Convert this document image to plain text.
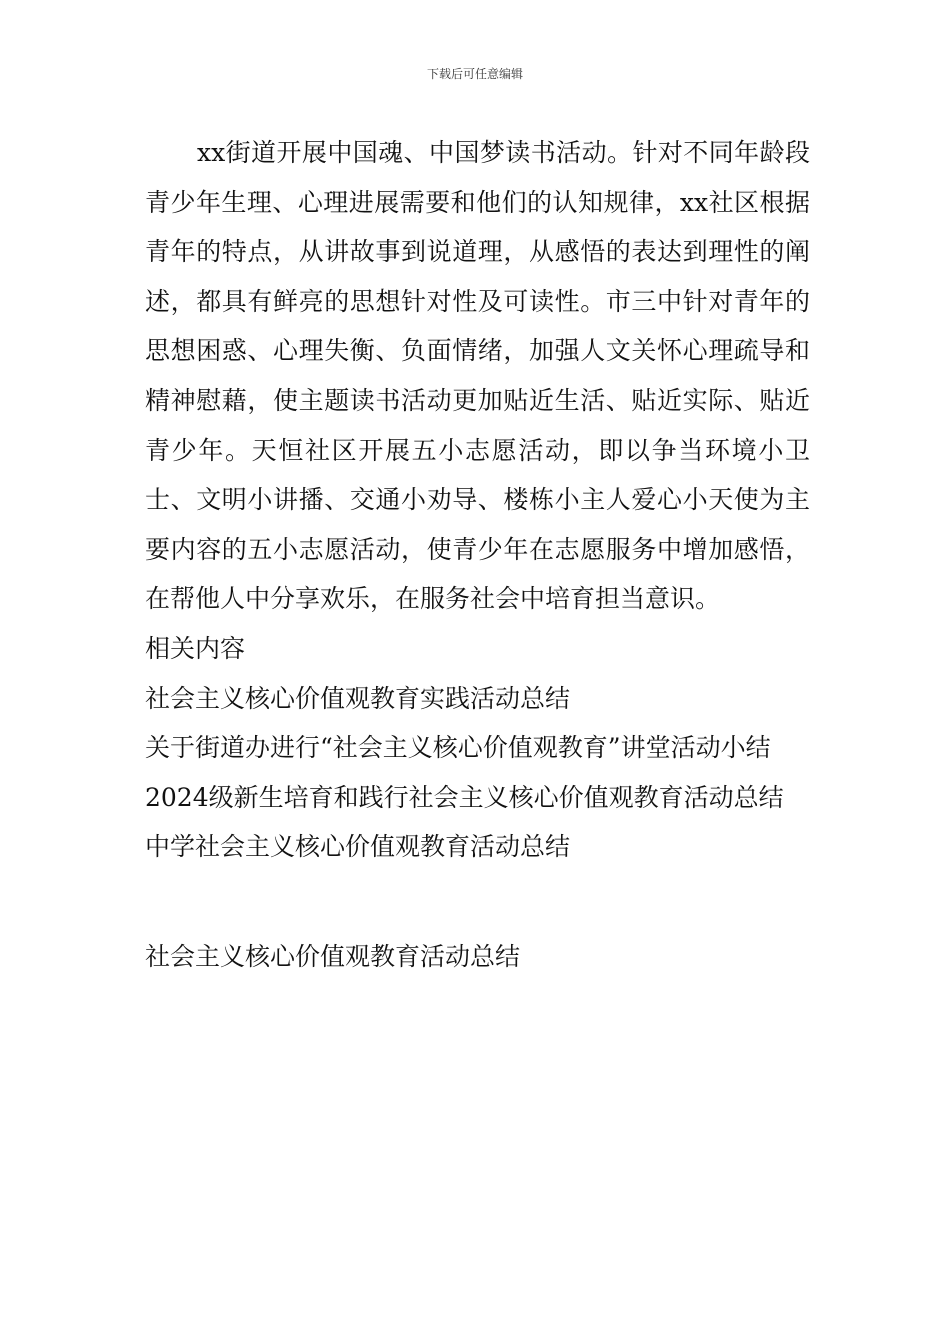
下载后可任意编辑

xx街道开展中国魂、中国梦读书活动。针对不同年龄段青少年生理、心理进展需要和他们的认知规律，xx社区根据青年的特点，从讲故事到说道理，从感悟的表达到理性的阐述，都具有鲜亮的思想针对性及可读性。市三中针对青年的思想困惑、心理失衡、负面情绪，加强人文关怀心理疏导和精神慰藉，使主题读书活动更加贴近生活、贴近实际、贴近青少年。天恒社区开展五小志愿活动，即以争当环境小卫士、文明小讲播、交通小劝导、楼栋小主人爱心小天使为主要内容的五小志愿活动，使青少年在志愿服务中增加感悟，在帮他人中分享欢乐，在服务社会中培育担当意识。

相关内容
社会主义核心价值观教育实践活动总结
关于街道办进行“社会主义核心价值观教育”讲堂活动小结
2024级新生培育和践行社会主义核心价值观教育活动总结
中学社会主义核心价值观教育活动总结
社会主义核心价值观教育活动总结
